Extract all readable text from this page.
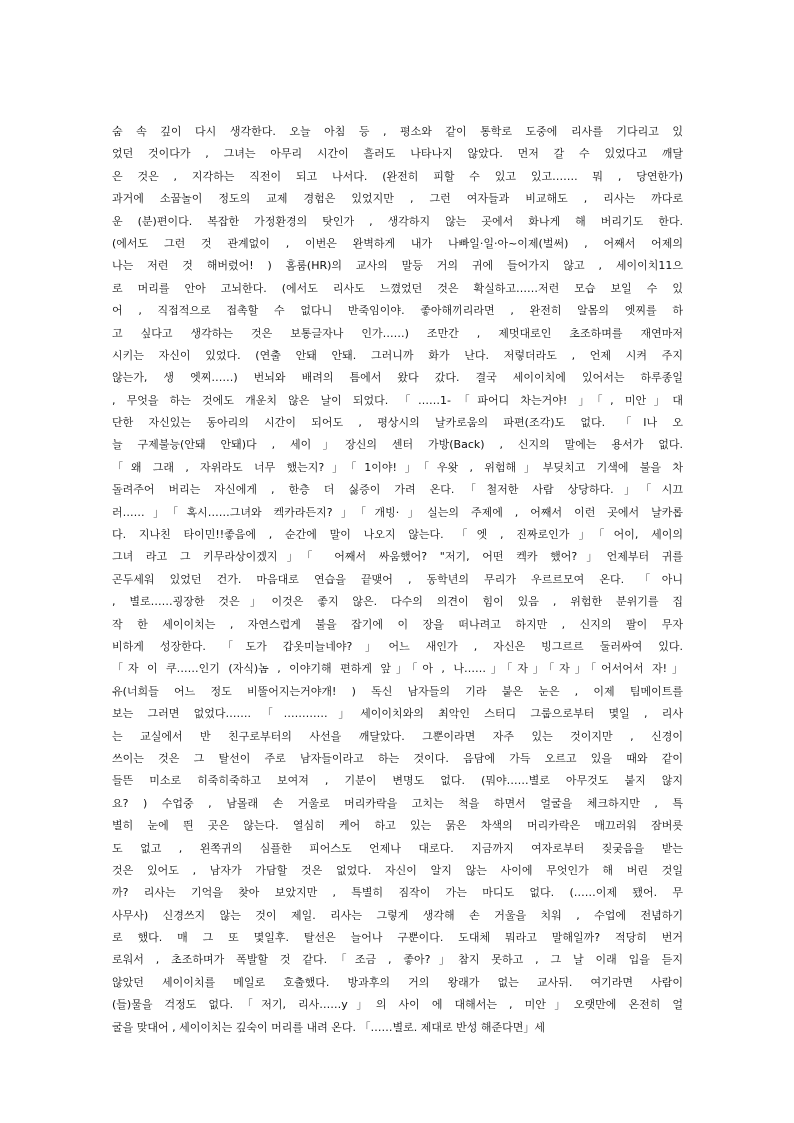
숨 속 깊이 다시 생각한다. 오늘 아침 등 , 평소와 같이 통학로 도중에 리사를 기다리고 있

었던 것이다가 , 그녀는 아무리 시간이 흘러도 나타나지 않았다. 먼저 갈 수 있었다고 깨달

은 것은 , 지각하는 직전이 되고 나서다. (완전히 피할 수 있고 있고……. 뭐 , 당연한가)

과거에 소꿉놀이 정도의 교제 경험은 있었지만 , 그런 여자들과 비교해도 , 리사는 까다로

운 (분)편이다. 복잡한 가정환경의 탓인가 , 생각하지 않는 곳에서 화나게 해 버리기도 한다.

(에서도 그런 것 관계없이 , 이번은 완벽하게 내가 나빠일·일·아~이제(벌써) , 어째서 어제의

나는 저런 것 해버렸어! ) 홈룸(HR)의 교사의 말등 거의 귀에 들어가지 않고 , 세이이치11으

로 머리를 안아 고뇌한다. (에서도 리사도 느꼈었던 것은 확실하고……저런 모습 보일 수 있

어 , 직접적으로 접촉할 수 없다니 반죽임이야. 좋아해끼리라면 , 완전히 알몸의 엣찌를 하

고 싶다고 생각하는 것은 보통글자나 인가……) 조만간 , 제멋대로인 초조하며를 재연마저

시키는 자신이 있었다. (연출 안돼 안돼. 그러니까 화가 난다. 저렇더라도 , 언제 시켜 주지

않는가, 생 엣찌……) 번뇌와 배려의 틈에서 왔다 갔다. 결국 세이이치에 있어서는 하루종일

, 무엇을 하는 것에도 개운치 않은 날이 되었다. 「……1-「파어디 차는거야! 」「, 미안」대

단한 자신있는 동아리의 시간이 되어도 , 평상시의 날카로움의 파편(조각)도 없다. 「I나 오

늘 구제불능(안돼 안돼)다 , 세이」장신의 센터 가방(Back) , 신지의 말에는 용서가 없다.

「왜 그래 , 자위라도 너무 했는지?」「1이야!」「우왓 , 위험해」부딪치고 기색에 불을 차

돌려주어 버리는 자신에게 , 한층 더 싫증이 가려 온다.「철저한 사람 상당하다.」「시끄

러……」「혹시……그녀와 켁카라든지?」「개빙·」실는의 주제에 , 어째서 이런 곳에서 날카롭

다. 지나친 타이민!!좋음에 , 순간에 말이 나오지 않는다. 「엣 , 진짜로인가」「어이, 세이의

그녀 라고 그 키무라상이겠지」「 어째서 싸움했어? "저기, 어떤 켁카 했어?」언제부터 귀를

곤두세워 있었던 건가. 마음대로 연습을 끝맺어 , 동학년의 무리가 우르르모여 온다. 「아니

, 별로……굉장한 것은」이것은 좋지 않은. 다수의 의견이 힘이 있음 , 위험한 분위기를 집

작 한 세이이치는 , 자연스럽게 불을 잡기에 이 장을 떠나려고 하지만 , 신지의 팔이 무자

비하게 성장한다. 「도가 갑옷미늘네야?」어느 새인가 , 자신은 빙그르르 둘러싸여 있다.

「자 이 쿠……인기 (자식)놈 , 이야기해 편하게 앞」「아 , 나……」「자」「자」「어서어서 자!」

유(너희들 어느 정도 비뚤어지는거야개! ) 독신 남자들의 기라 붙은 눈은 , 이제 팀메이트를

보는 그러면 없었다…….「…………」세이이치와의 최악인 스터디 그룹으로부터 몇일 , 리사

는 교실에서 반 친구로부터의 사선을 깨달았다. 그뿐이라면 자주 있는 것이지만 , 신경이

쓰이는 것은 그 탈선이 주로 남자들이라고 하는 것이다. 음담에 가득 오르고 있을 때와 같이

들뜬 미소로 히죽히죽하고 보여져 , 기분이 변명도 없다. (뭐야……별로 아무것도 붙지 않지

요? ) 수업중 , 남몰래 손 거울로 머리카락을 고치는 척을 하면서 얼굴을 체크하지만 , 특

별히 눈에 띈 곳은 않는다. 열심히 케어 하고 있는 묽은 차색의 머리카락은 매끄러워 잠버릇

도 없고 , 왼쪽귀의 심플한 피어스도 언제나 대로다. 지금까지 여자로부터 짖궂음을 받는

것은 있어도 , 남자가 가담할 것은 없었다. 자신이 알지 않는 사이에 무엇인가 해 버린 것일

까? 리사는 기억을 찾아 보았지만 , 특별히 짐작이 가는 마디도 없다. (……이제 됐어. 무

사무사) 신경쓰지 않는 것이 제일. 리사는 그렇게 생각해 손 거울을 치워 , 수업에 전념하기

로 했다. 매 그 또 몇일후. 탈선은 늘어나 구뿐이다. 도대체 뭐라고 말해일까? 적당히 번거

로워서 , 초조하며가 폭발할 것 같다.「조금 , 좋아?」참지 못하고 , 그 날 이래 입을 듣지

않았던 세이이치를 메일로 호출했다. 방과후의 거의 왕래가 없는 교사뒤. 여기라면 사람이

(들)물을 걱정도 없다.「저기, 리사……y」의 사이 에 대해서는 , 미안」오랫만에 온전히 얼

굴을 맞대어 , 세이이치는 깊숙이 머리를 내려 온다. 「……별로. 제대로 반성 해준다면」세
